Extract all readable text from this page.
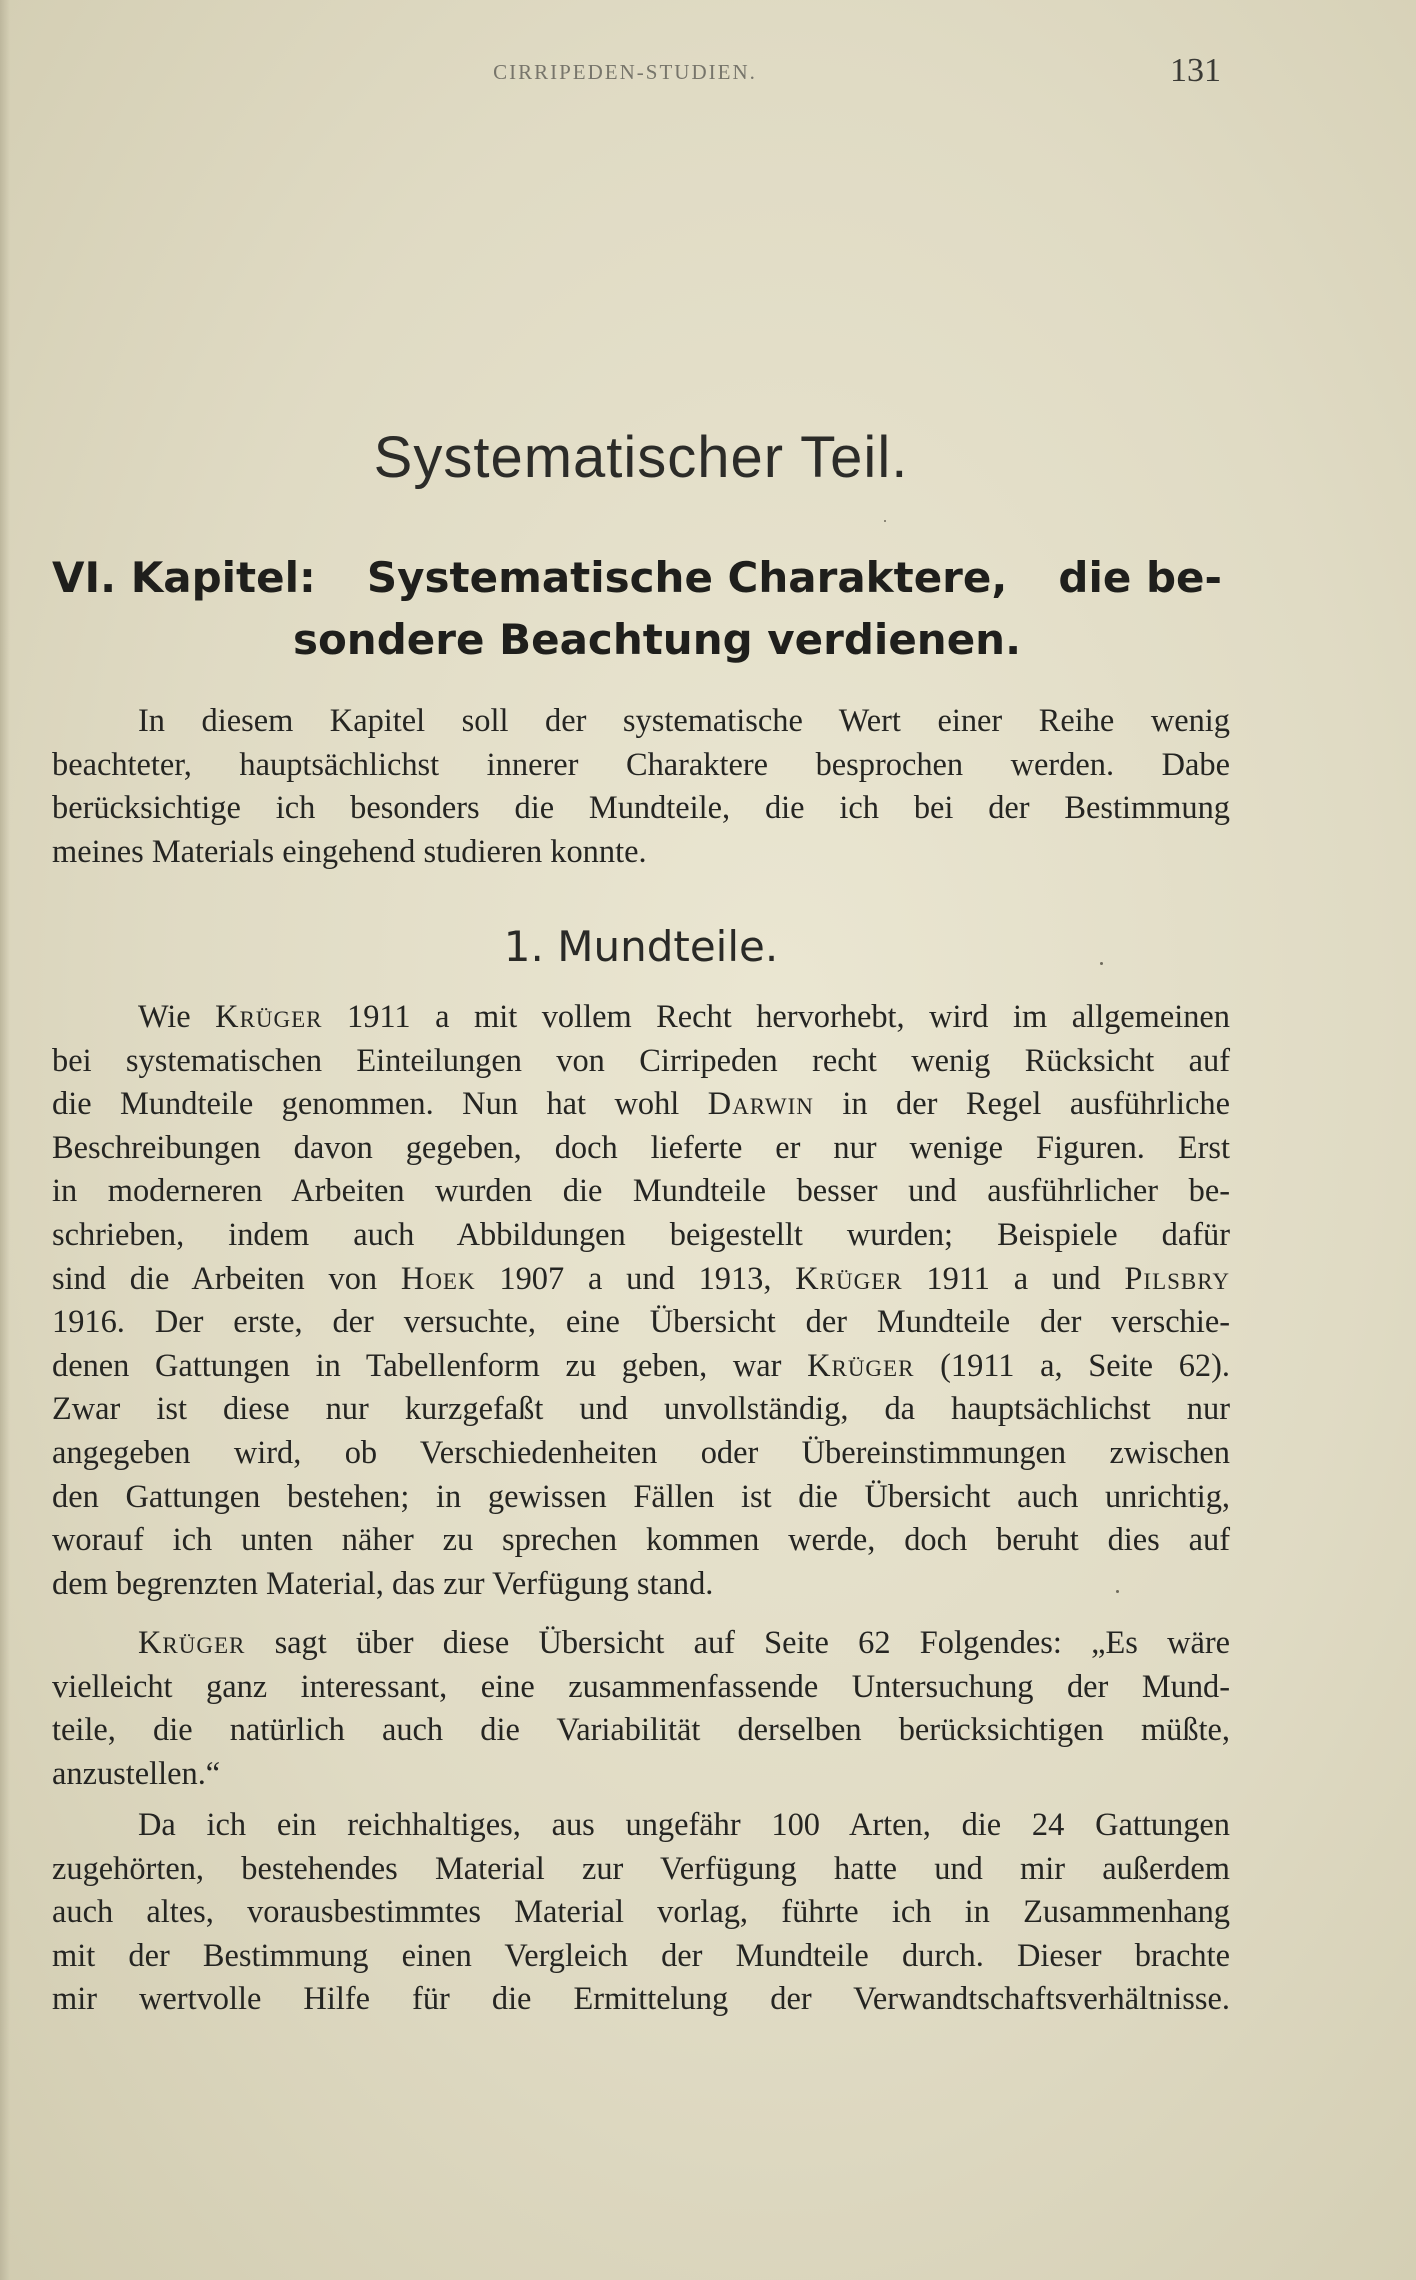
CIRRIPEDEN-STUDIEN.	131
Systematischer Teil.
VI. Kapitel: Systematische Charaktere, die be-
sondere Beachtung verdienen.
In diesem Kapitel soll der systematische Wert einer Reihe wenig
beachteter, hauptsächlichst innerer Charaktere besprochen werden. Dabe
berücksichtige ich besonders die Mundteile, die ich bei der Bestimmung
meines Materials eingehend studieren konnte.
1. Mundteile.
Wie Krüger 1911 a mit vollem Recht hervorhebt, wird im allgemeinen
bei systematischen Einteilungen von Cirripeden recht wenig Rücksicht auf
die Mundteile genommen. Nun hat wohl Darwin in der Regel ausführliche
Beschreibungen davon gegeben, doch lieferte er nur wenige Figuren. Erst
in moderneren Arbeiten wurden die Mundteile besser und ausführlicher be-
schrieben, indem auch Abbildungen beigestellt wurden; Beispiele dafür
sind die Arbeiten von Hoek 1907 a und 1913, Krüger 1911 a und Pilsbry
1916. Der erste, der versuchte, eine Übersicht der Mundteile der verschie-
denen Gattungen in Tabellenform zu geben, war Krüger (1911 a, Seite 62).
Zwar ist diese nur kurzgefaßt und unvollständig, da hauptsächlichst nur
angegeben wird, ob Verschiedenheiten oder Übereinstimmungen zwischen
den Gattungen bestehen; in gewissen Fällen ist die Übersicht auch unrichtig,
worauf ich unten näher zu sprechen kommen werde, doch beruht dies auf
dem begrenzten Material, das zur Verfügung stand.
Krüger sagt über diese Übersicht auf Seite 62 Folgendes: „Es wäre
vielleicht ganz interessant, eine zusammenfassende Untersuchung der Mund-
teile, die natürlich auch die Variabilität derselben berücksichtigen müßte,
anzustellen.“
Da ich ein reichhaltiges, aus ungefähr 100 Arten, die 24 Gattungen
zugehörten, bestehendes Material zur Verfügung hatte und mir außerdem
auch altes, vorausbestimmtes Material vorlag, führte ich in Zusammenhang
mit der Bestimmung einen Vergleich der Mundteile durch. Dieser brachte
mir wertvolle Hilfe für die Ermittelung der Verwandtschaftsverhältnisse.
